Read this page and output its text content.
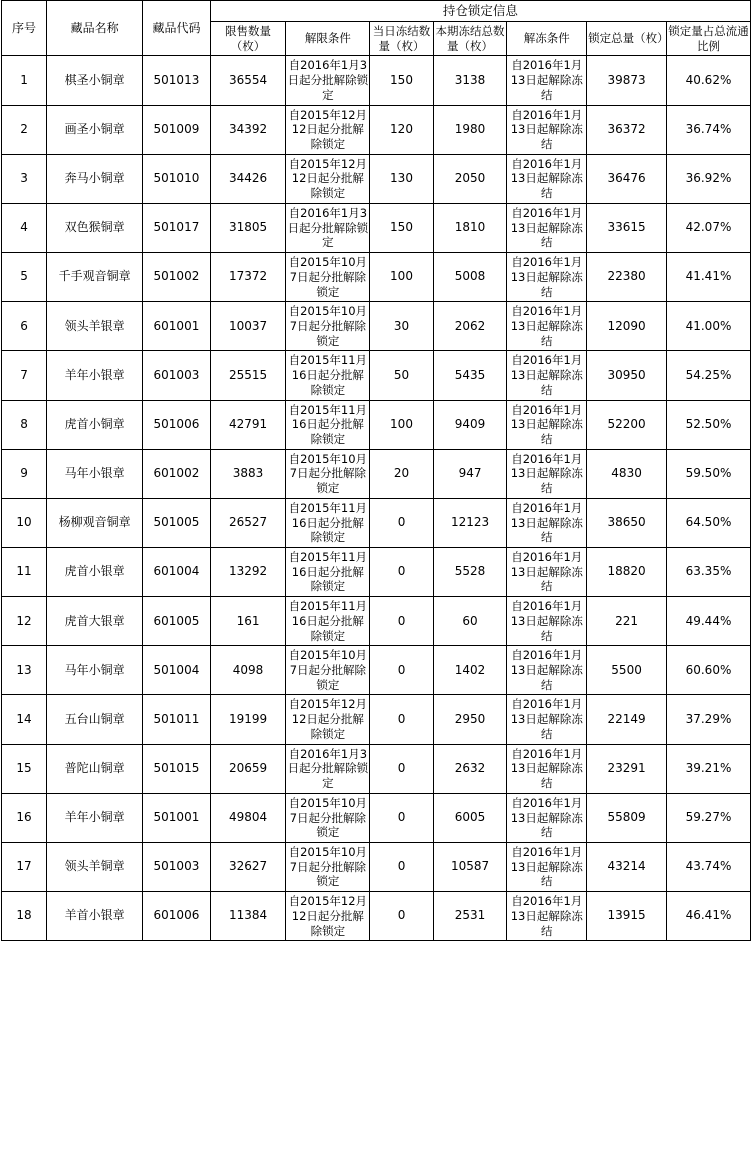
序号	藏品名称	藏品代码	持仓锁定信息						
			限售数量（枚）	解限条件	当日冻结数量（枚）	本期冻结总数量（枚）	解冻条件	锁定总量（枚）	锁定量占总流通比例
1	棋圣小铜章	501013	36554	自2016年1月3日起分批解除锁定	150	3138	自2016年1月13日起解除冻结	39873	40.62%
2	画圣小铜章	501009	34392	自2015年12月12日起分批解除锁定	120	1980	自2016年1月13日起解除冻结	36372	36.74%
3	奔马小铜章	501010	34426	自2015年12月12日起分批解除锁定	130	2050	自2016年1月13日起解除冻结	36476	36.92%
4	双色猴铜章	501017	31805	自2016年1月3日起分批解除锁定	150	1810	自2016年1月13日起解除冻结	33615	42.07%
5	千手观音铜章	501002	17372	自2015年10月7日起分批解除锁定	100	5008	自2016年1月13日起解除冻结	22380	41.41%
6	领头羊银章	601001	10037	自2015年10月7日起分批解除锁定	30	2062	自2016年1月13日起解除冻结	12090	41.00%
7	羊年小银章	601003	25515	自2015年11月16日起分批解除锁定	50	5435	自2016年1月13日起解除冻结	30950	54.25%
8	虎首小铜章	501006	42791	自2015年11月16日起分批解除锁定	100	9409	自2016年1月13日起解除冻结	52200	52.50%
9	马年小银章	601002	3883	自2015年10月7日起分批解除锁定	20	947	自2016年1月13日起解除冻结	4830	59.50%
10	杨柳观音铜章	501005	26527	自2015年11月16日起分批解除锁定	0	12123	自2016年1月13日起解除冻结	38650	64.50%
11	虎首小银章	601004	13292	自2015年11月16日起分批解除锁定	0	5528	自2016年1月13日起解除冻结	18820	63.35%
12	虎首大银章	601005	161	自2015年11月16日起分批解除锁定	0	60	自2016年1月13日起解除冻结	221	49.44%
13	马年小铜章	501004	4098	自2015年10月7日起分批解除锁定	0	1402	自2016年1月13日起解除冻结	5500	60.60%
14	五台山铜章	501011	19199	自2015年12月12日起分批解除锁定	0	2950	自2016年1月13日起解除冻结	22149	37.29%
15	普陀山铜章	501015	20659	自2016年1月3日起分批解除锁定	0	2632	自2016年1月13日起解除冻结	23291	39.21%
16	羊年小铜章	501001	49804	自2015年10月7日起分批解除锁定	0	6005	自2016年1月13日起解除冻结	55809	59.27%
17	领头羊铜章	501003	32627	自2015年10月7日起分批解除锁定	0	10587	自2016年1月13日起解除冻结	43214	43.74%
18	羊首小银章	601006	11384	自2015年12月12日起分批解除锁定	0	2531	自2016年1月13日起解除冻结	13915	46.41%
